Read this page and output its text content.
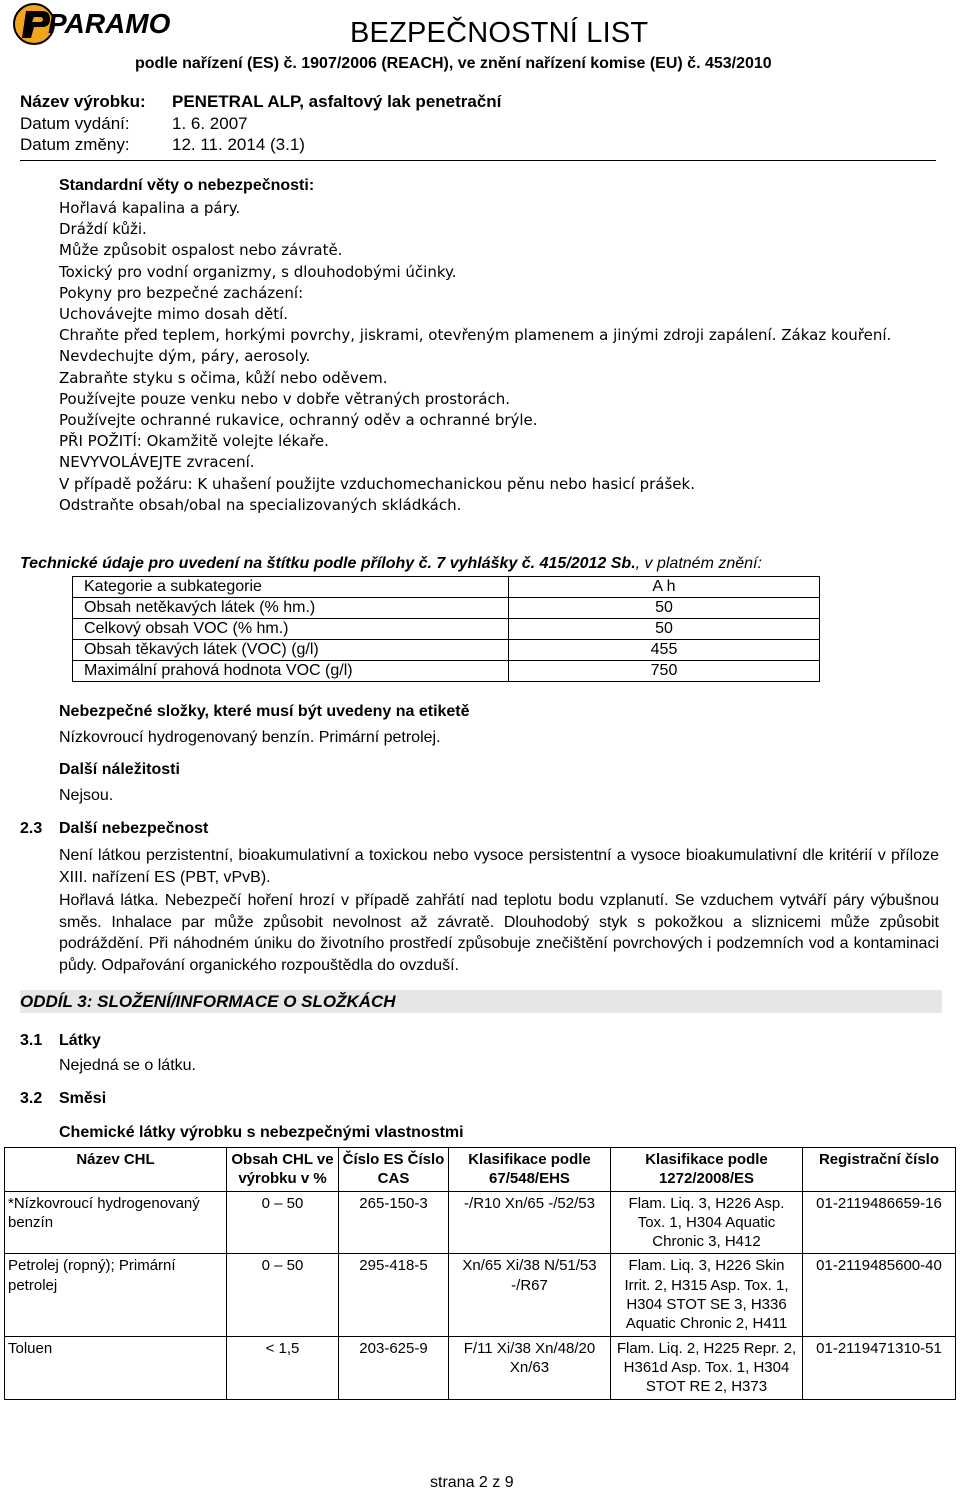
PARAMO	BEZPEČNOSTNÍ LIST
podle nařízení (ES) č. 1907/2006 (REACH), ve znění nařízení komise (EU) č. 453/2010
Název výrobku: PENETRAL ALP, asfaltový lak penetrační
Datum vydání: 1. 6. 2007
Datum změny: 12. 11. 2014 (3.1)
Standardní věty o nebezpečnosti:
Hořlavá kapalina a páry.
Dráždí kůži.
Může způsobit ospalost nebo závratě.
Toxický pro vodní organizmy, s dlouhodobými účinky.
Pokyny pro bezpečné zacházení:
Uchovávejte mimo dosah dětí.
Chraňte před teplem, horkými povrchy, jiskrami, otevřeným plamenem a jinými zdroji zapálení. Zákaz kouření.
Nevdechujte dým, páry, aerosoly.
Zabraňte styku s očima, kůží nebo oděvem.
Používejte pouze venku nebo v dobře větraných prostorách.
Používejte ochranné rukavice, ochranný oděv a ochranné brýle.
PŘI POŽITÍ: Okamžitě volejte lékaře.
NEVYVOLÁVEJTE zvracení.
V případě požáru: K uhašení použijte vzduchomechanickou pěnu nebo hasicí prášek.
Odstraňte obsah/obal na specializovaných skládkách.
Technické údaje pro uvedení na štítku podle přílohy č. 7 vyhlášky č. 415/2012 Sb., v platném znění:
Kategorie a subkategorie	A h
Obsah netěkavých látek (% hm.)	50
Celkový obsah VOC (% hm.)	50
Obsah těkavých látek (VOC) (g/l)	455
Maximální prahová hodnota VOC (g/l)	750
Nebezpečné složky, které musí být uvedeny na etiketě
Nízkovroucí hydrogenovaný benzín. Primární petrolej.
Další náležitosti
Nejsou.
2.3 Další nebezpečnost
Není látkou perzistentní, bioakumulativní a toxickou nebo vysoce persistentní a vysoce bioakumulativní dle kritérií v příloze XIII. nařízení ES (PBT, vPvB).
Hořlavá látka. Nebezpečí hoření hrozí v případě zahřátí nad teplotu bodu vzplanutí. Se vzduchem vytváří páry výbušnou směs. Inhalace par může způsobit nevolnost až závratě. Dlouhodobý styk s pokožkou a sliznicemi může způsobit podráždění. Při náhodném úniku do životního prostředí způsobuje znečištění povrchových i podzemních vod a kontaminaci půdy. Odpařování organického rozpouštědla do ovzduší.
ODDÍL 3: SLOŽENÍ/INFORMACE O SLOŽKÁCH
3.1 Látky
Nejedná se o látku.
3.2 Směsi
Chemické látky výrobku s nebezpečnými vlastnostmi
Název CHL	Obsah CHL ve výrobku v %	Číslo ES Číslo CAS	Klasifikace podle 67/548/EHS	Klasifikace podle 1272/2008/ES	Registrační číslo
*Nízkovroucí hydrogenovaný benzín	0 – 50	265-150-3	-/R10 Xn/65 -/52/53	Flam. Liq. 3, H226 Asp. Tox. 1, H304 Aquatic Chronic 3, H412	01-2119486659-16
Petrolej (ropný); Primární petrolej	0 – 50	295-418-5	Xn/65 Xi/38 N/51/53 -/R67	Flam. Liq. 3, H226 Skin Irrit. 2, H315 Asp. Tox. 1, H304 STOT SE 3, H336 Aquatic Chronic 2, H411	01-2119485600-40
Toluen	< 1,5	203-625-9	F/11 Xi/38 Xn/48/20 Xn/63	Flam. Liq. 2, H225 Repr. 2, H361d Asp. Tox. 1, H304 STOT RE 2, H373	01-2119471310-51
strana 2 z 9
